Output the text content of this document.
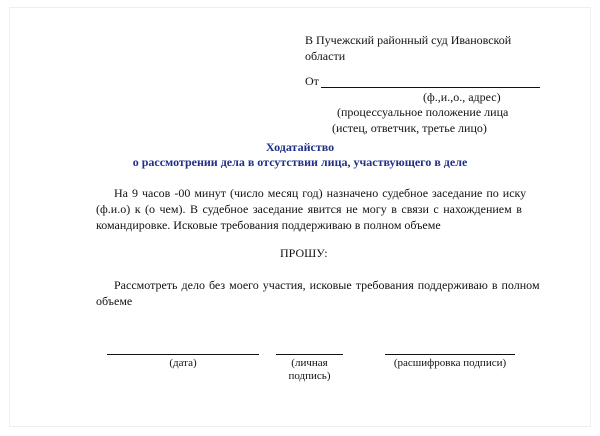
В Пучежский районный суд Ивановской
области
От
(ф.,и.,о., адрес)
(процессуальное положение лица
(истец, ответчик, третье лицо)
Ходатайство
о рассмотрении дела в отсутствии лица, участвующего в деле
На 9 часов -00 минут (число месяц год) назначено судебное заседание по иску
(ф.и.о) к (о чем). В судебное заседание явится не могу в связи с нахождением в
командировке. Исковые требования поддерживаю в полном объеме
ПРОШУ:
Рассмотреть дело без моего участия, исковые требования поддерживаю в полном
объеме
(дата)	(личная
подпись)
(расшифровка подписи)
